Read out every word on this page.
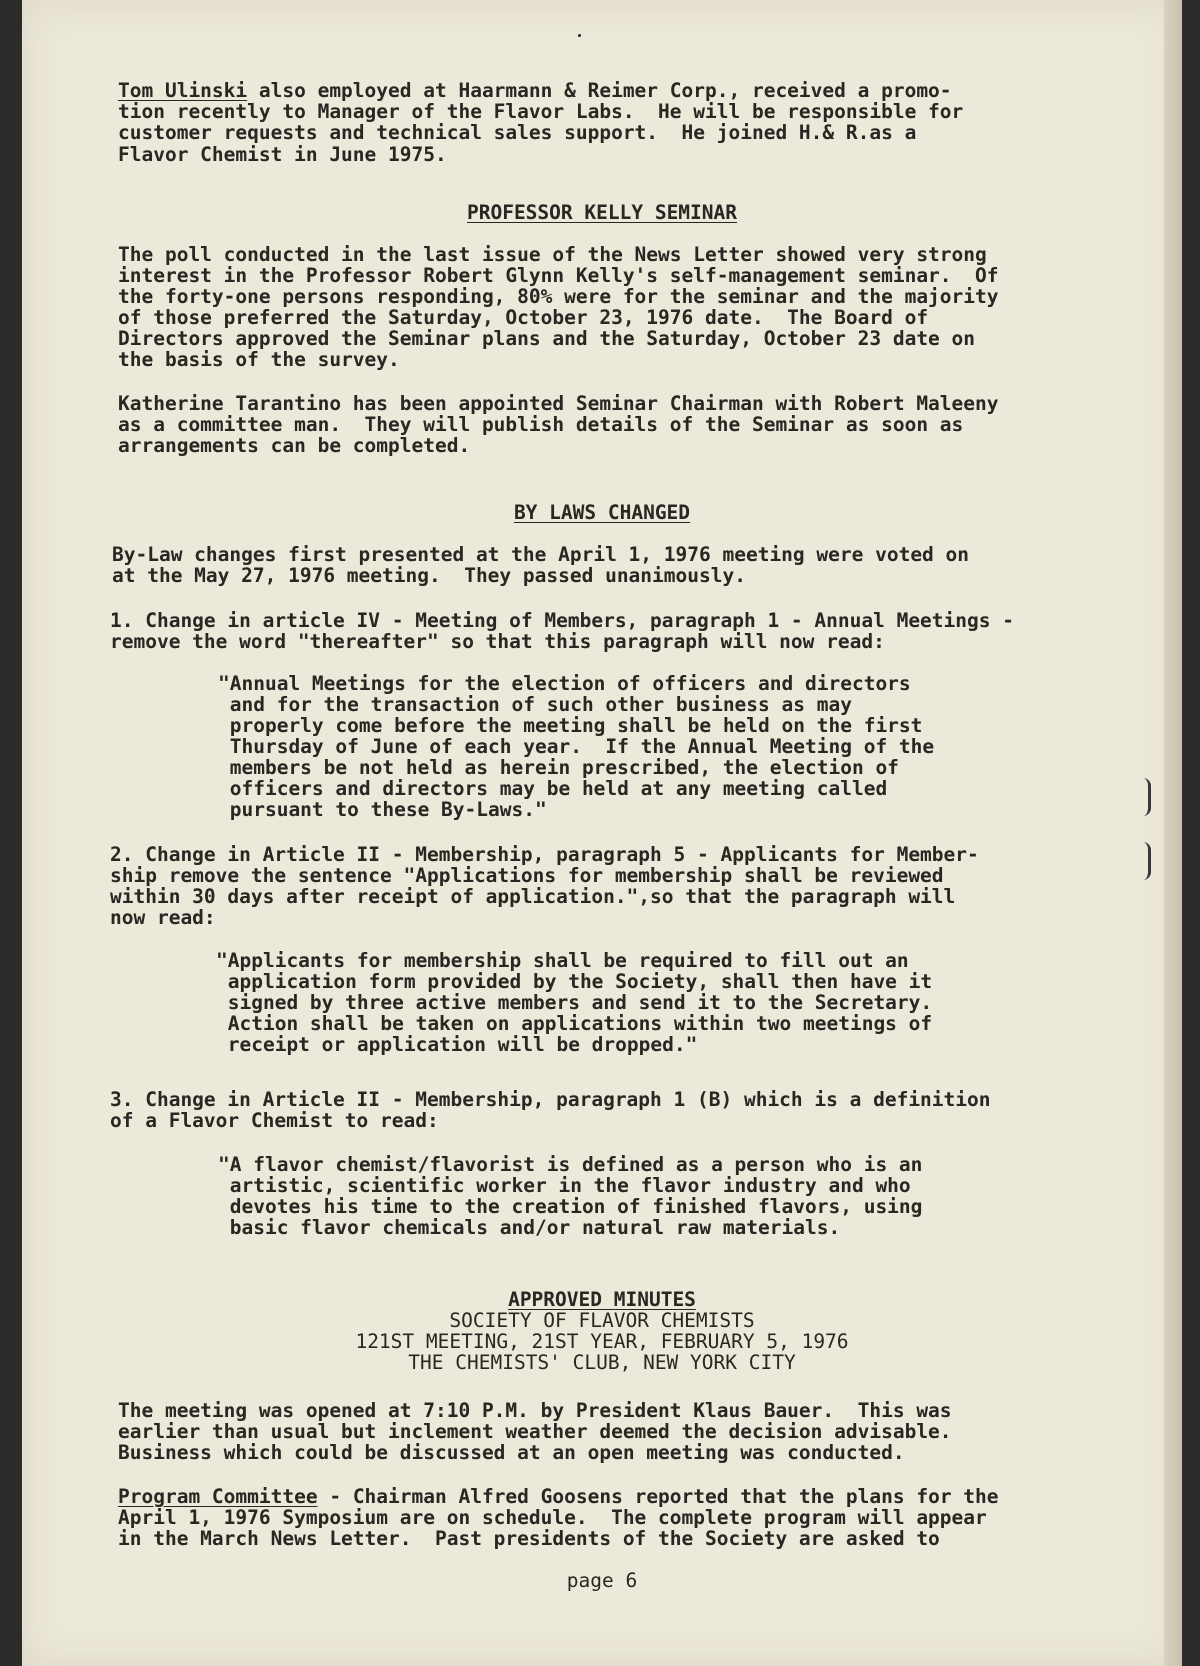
Tom Ulinski also employed at Haarmann & Reimer Corp., received a promo-

tion recently to Manager of the Flavor Labs.  He will be responsible for

customer requests and technical sales support.  He joined H.& R.as a

Flavor Chemist in June 1975.

PROFESSOR KELLY SEMINAR

The poll conducted in the last issue of the News Letter showed very strong

interest in the Professor Robert Glynn Kelly's self-management seminar.  Of

the forty-one persons responding, 80% were for the seminar and the majority

of those preferred the Saturday, October 23, 1976 date.  The Board of

Directors approved the Seminar plans and the Saturday, October 23 date on

the basis of the survey.

Katherine Tarantino has been appointed Seminar Chairman with Robert Maleeny

as a committee man.  They will publish details of the Seminar as soon as

arrangements can be completed.

BY LAWS CHANGED

By-Law changes first presented at the April 1, 1976 meeting were voted on

at the May 27, 1976 meeting.  They passed unanimously.

1. Change in article IV - Meeting of Members, paragraph 1 - Annual Meetings -

remove the word "thereafter" so that this paragraph will now read:

"Annual Meetings for the election of officers and directors

and for the transaction of such other business as may

properly come before the meeting shall be held on the first

Thursday of June of each year.  If the Annual Meeting of the

members be not held as herein prescribed, the election of

officers and directors may be held at any meeting called

pursuant to these By-Laws."

2. Change in Article II - Membership, paragraph 5 - Applicants for Member-

ship remove the sentence "Applications for membership shall be reviewed

within 30 days after receipt of application.",so that the paragraph will

now read:

"Applicants for membership shall be required to fill out an

application form provided by the Society, shall then have it

signed by three active members and send it to the Secretary.

Action shall be taken on applications within two meetings of

receipt or application will be dropped."

3. Change in Article II - Membership, paragraph 1 (B) which is a definition

of a Flavor Chemist to read:

"A flavor chemist/flavorist is defined as a person who is an

artistic, scientific worker in the flavor industry and who

devotes his time to the creation of finished flavors, using

basic flavor chemicals and/or natural raw materials.

APPROVED MINUTES

SOCIETY OF FLAVOR CHEMISTS

121ST MEETING, 21ST YEAR, FEBRUARY 5, 1976

THE CHEMISTS' CLUB, NEW YORK CITY

The meeting was opened at 7:10 P.M. by President Klaus Bauer.  This was

earlier than usual but inclement weather deemed the decision advisable.

Business which could be discussed at an open meeting was conducted.

Program Committee - Chairman Alfred Goosens reported that the plans for the

April 1, 1976 Symposium are on schedule.  The complete program will appear

in the March News Letter.  Past presidents of the Society are asked to

page 6
